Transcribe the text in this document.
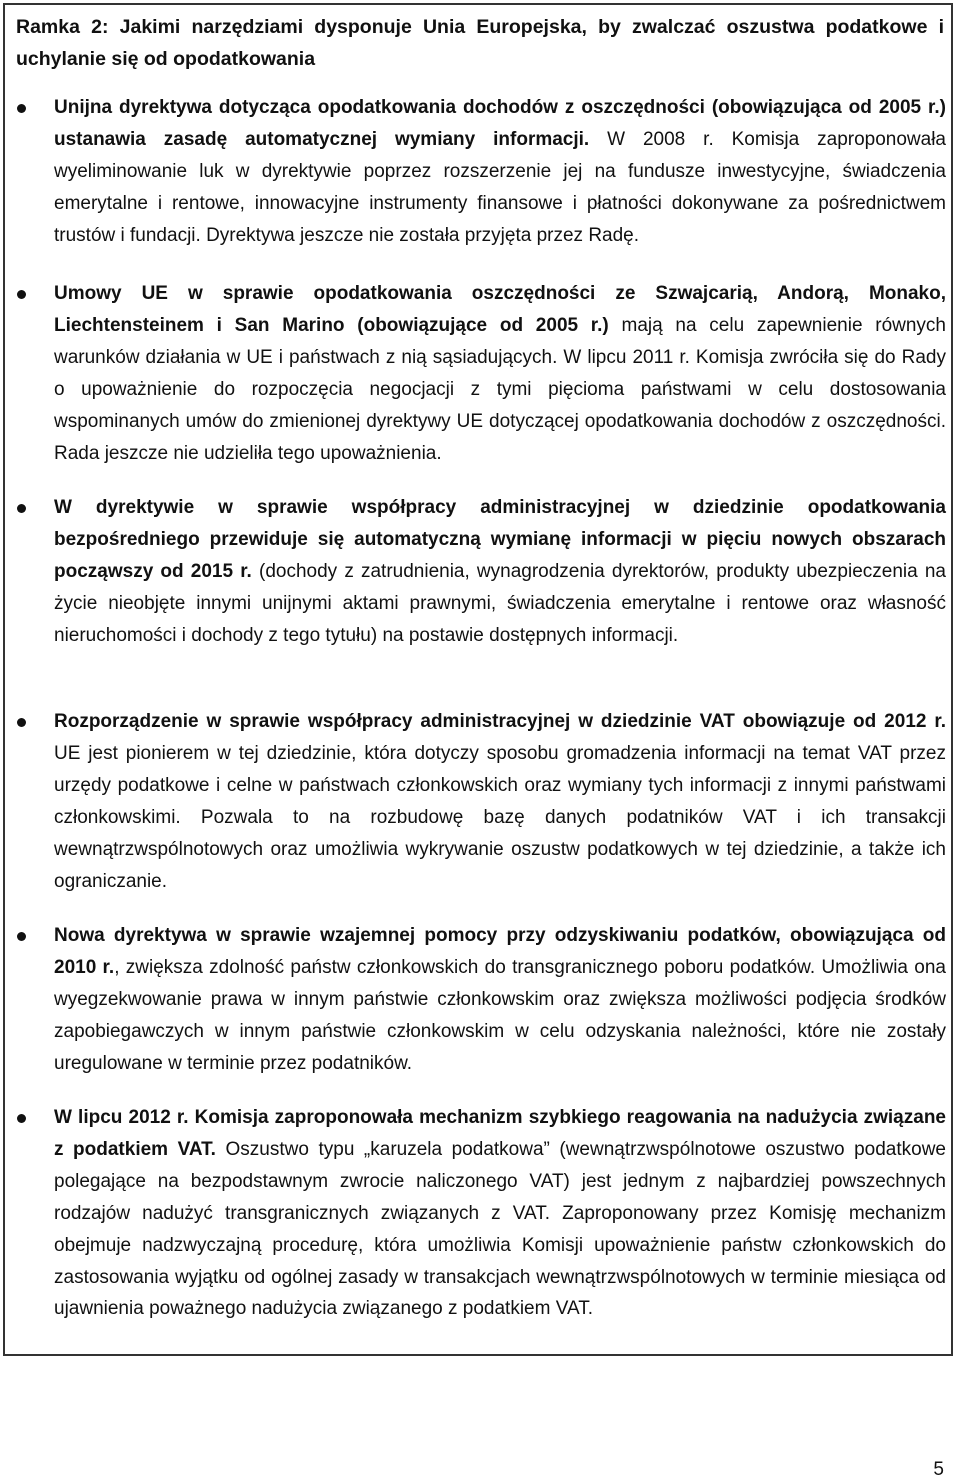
Ramka 2: Jakimi narzędziami dysponuje Unia Europejska, by zwalczać oszustwa podatkowe i uchylanie się od opodatkowania

Unijna dyrektywa dotycząca opodatkowania dochodów z oszczędności (obowiązująca od 2005 r.) ustanawia zasadę automatycznej wymiany informacji. W 2008 r. Komisja zaproponowała wyeliminowanie luk w dyrektywie poprzez rozszerzenie jej na fundusze inwestycyjne, świadczenia emerytalne i rentowe, innowacyjne instrumenty finansowe i płatności dokonywane za pośrednictwem trustów i fundacji. Dyrektywa jeszcze nie została przyjęta przez Radę.
Umowy UE w sprawie opodatkowania oszczędności ze Szwajcarią, Andorą, Monako, Liechtensteinem i San Marino (obowiązujące od 2005 r.) mają na celu zapewnienie równych warunków działania w UE i państwach z nią sąsiadujących. W lipcu 2011 r. Komisja zwróciła się do Rady o upoważnienie do rozpoczęcia negocjacji z tymi pięcioma państwami w celu dostosowania wspominanych umów do zmienionej dyrektywy UE dotyczącej opodatkowania dochodów z oszczędności. Rada jeszcze nie udzieliła tego upoważnienia.
W dyrektywie w sprawie współpracy administracyjnej w dziedzinie opodatkowania bezpośredniego przewiduje się automatyczną wymianę informacji w pięciu nowych obszarach począwszy od 2015 r. (dochody z zatrudnienia, wynagrodzenia dyrektorów, produkty ubezpieczenia na życie nieobjęte innymi unijnymi aktami prawnymi, świadczenia emerytalne i rentowe oraz własność nieruchomości i dochody z tego tytułu) na postawie dostępnych informacji.
Rozporządzenie w sprawie współpracy administracyjnej w dziedzinie VAT obowiązuje od 2012 r. UE jest pionierem w tej dziedzinie, która dotyczy sposobu gromadzenia informacji na temat VAT przez urzędy podatkowe i celne w państwach członkowskich oraz wymiany tych informacji z innymi państwami członkowskimi. Pozwala to na rozbudowę bazę danych podatników VAT i ich transakcji wewnątrzwspólnotowych oraz umożliwia wykrywanie oszustw podatkowych w tej dziedzinie, a także ich ograniczanie.
Nowa dyrektywa w sprawie wzajemnej pomocy przy odzyskiwaniu podatków, obowiązująca od 2010 r., zwiększa zdolność państw członkowskich do transgranicznego poboru podatków. Umożliwia ona wyegzekwowanie prawa w innym państwie członkowskim oraz zwiększa możliwości podjęcia środków zapobiegawczych w innym państwie członkowskim w celu odzyskania należności, które nie zostały uregulowane w terminie przez podatników.
W lipcu 2012 r. Komisja zaproponowała mechanizm szybkiego reagowania na nadużycia związane z podatkiem VAT. Oszustwo typu „karuzela podatkowa” (wewnątrzwspólnotowe oszustwo podatkowe polegające na bezpodstawnym zwrocie naliczonego VAT) jest jednym z najbardziej powszechnych rodzajów nadużyć transgranicznych związanych z VAT. Zaproponowany przez Komisję mechanizm obejmuje nadzwyczajną procedurę, która umożliwia Komisji upoważnienie państw członkowskich do zastosowania wyjątku od ogólnej zasady w transakcjach wewnątrzwspólnotowych w terminie miesiąca od ujawnienia poważnego nadużycia związanego z podatkiem VAT.
5
